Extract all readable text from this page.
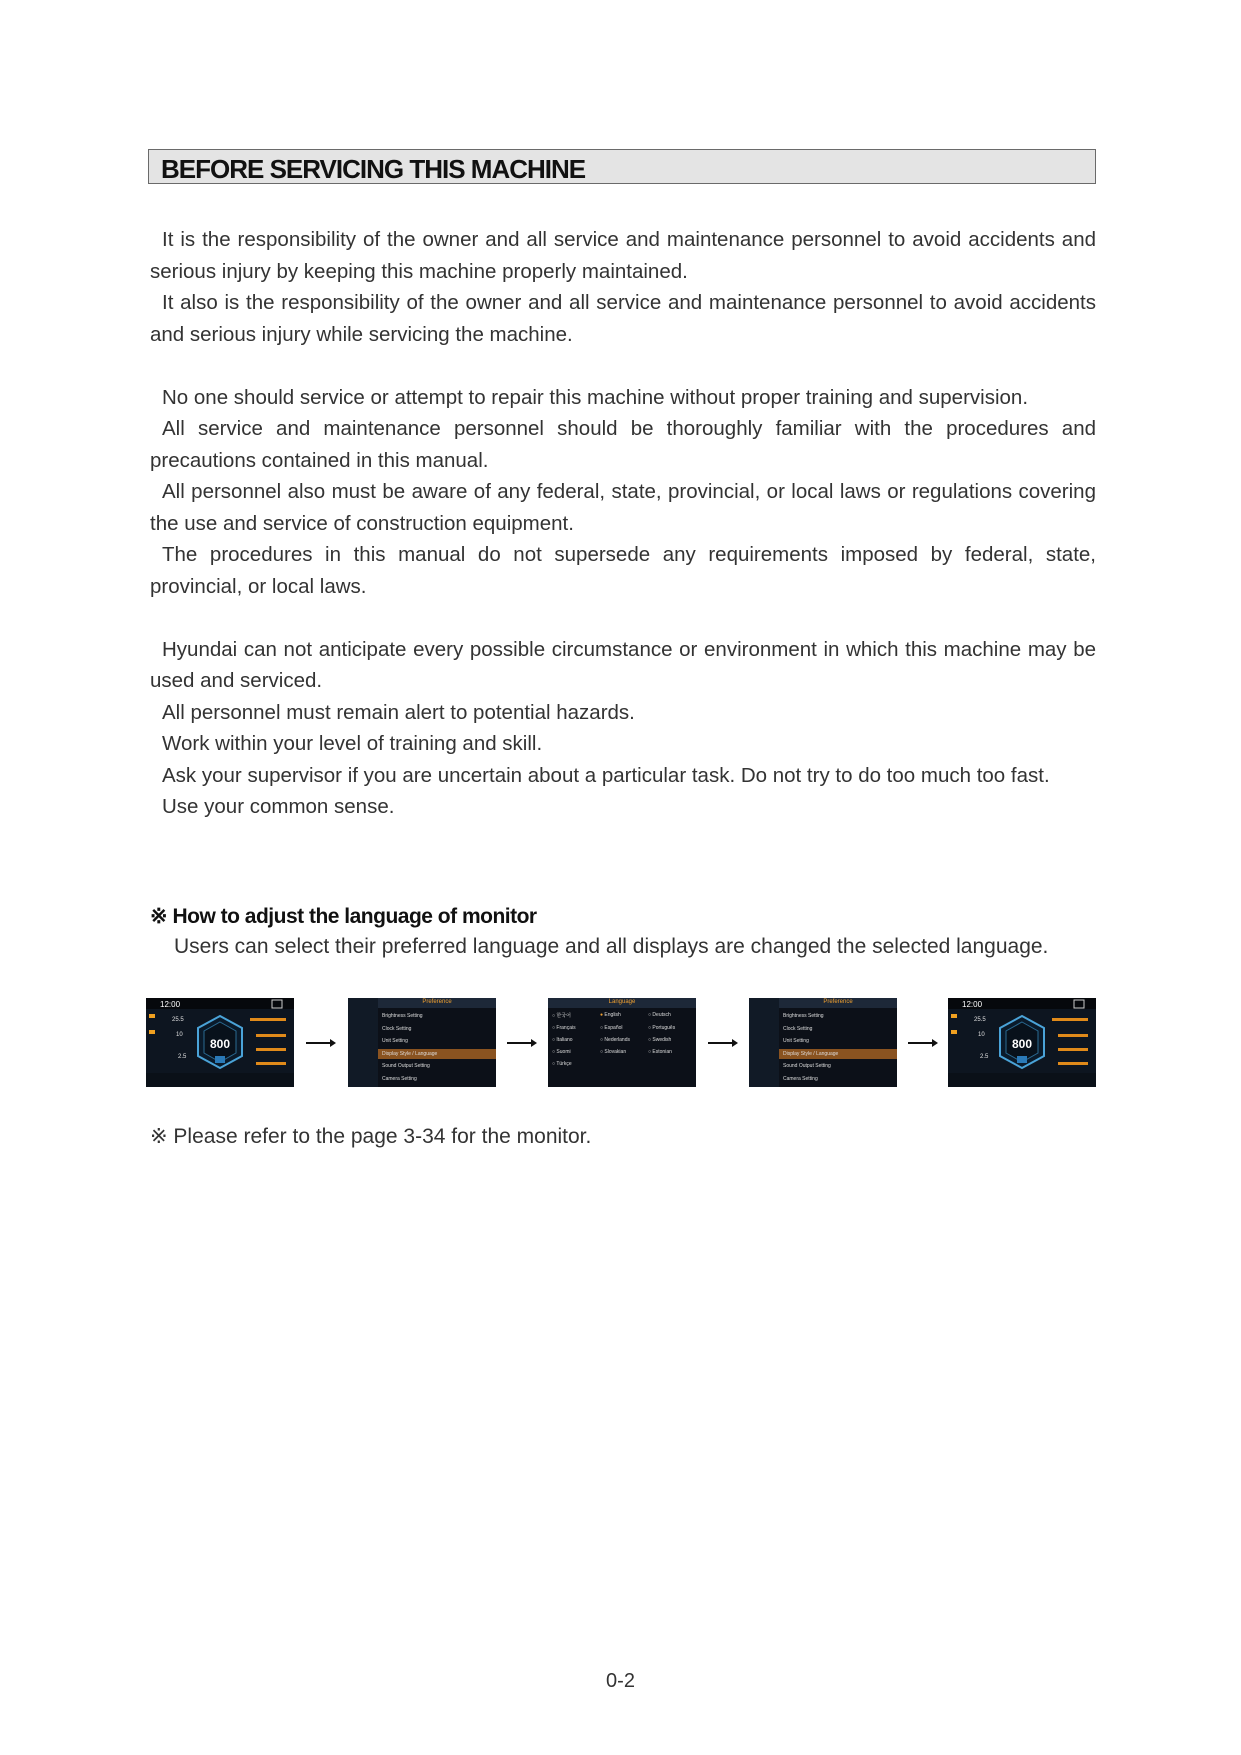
BEFORE SERVICING THIS MACHINE

It is the responsibility of the owner and all service and maintenance personnel to avoid accidents and serious injury by keeping this machine properly maintained.

It also is the responsibility of the owner and all service and maintenance personnel to avoid accidents and serious injury while servicing the machine.

No one should service or attempt to repair this machine without proper training and supervision.

All service and maintenance personnel should be thoroughly familiar with the procedures and precautions contained in this manual.

All personnel also must be aware of any federal, state, provincial, or local laws or regulations covering the use and service of construction equipment.

The procedures in this manual do not supersede any requirements imposed by federal, state, provincial, or local laws.

Hyundai can not anticipate every possible circumstance or environment in which this machine may be used and serviced.

All personnel must remain alert to potential hazards.

Work within your level of training and skill.

Ask your supervisor if you are uncertain about a particular task. Do not try to do too much too fast.

Use your common sense.

※ How to adjust the language of monitor
Users can select their preferred language and all displays are changed the selected language.
12:00
800
25.5
10
2.5
Preference
Brightness Setting
Clock Setting
Unit Setting
Display Style / Language
Sound Output Setting
Camera Setting
Language
○ 한국어	● English	○ Deutsch
○ Français	○ Español	○ Português
○ Italiano	○ Nederlands	○ Swedish
○ Suomi	○ Slovakian	○ Estonian
○ Türkçe
Preference
Brightness Setting
Clock Setting
Unit Setting
Display Style / Language
Sound Output Setting
Camera Setting
12:00
800
25.5
10
2.5
※ Please refer to the page 3-34 for the monitor.
0-2
